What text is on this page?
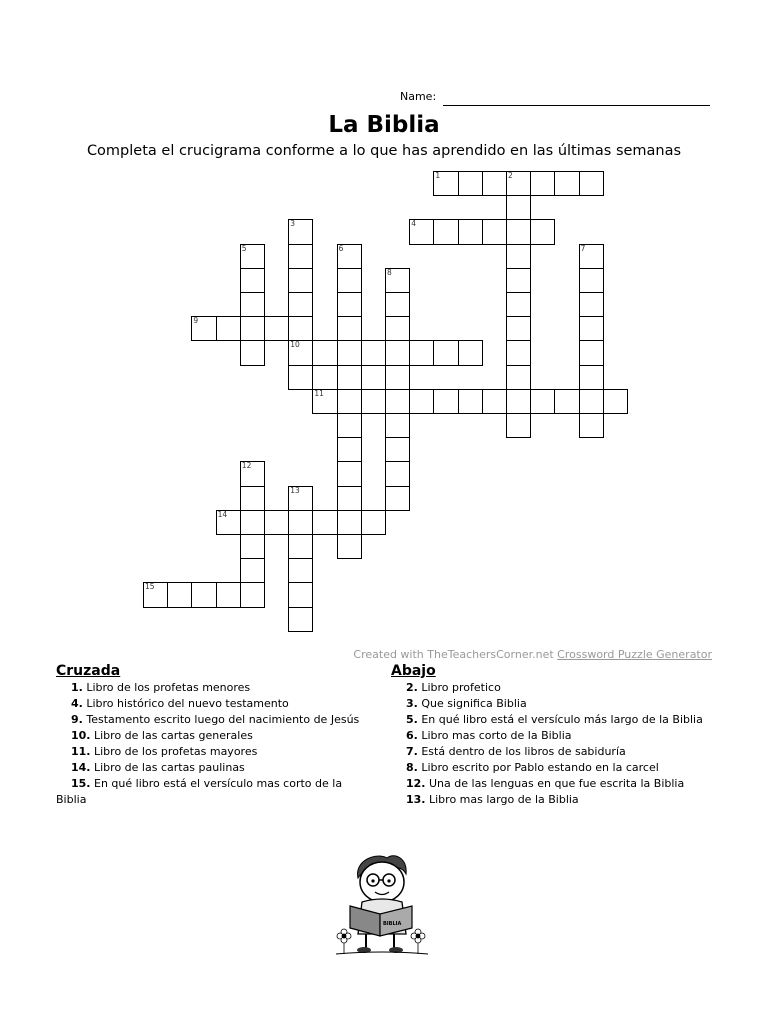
Name:
La Biblia
Completa el crucigrama conforme a lo que has aprendido en las últimas semanas
1	2
3	4
5	6	7
8
9
10
11
12
13
14
15
Created with TheTeachersCorner.net Crossword Puzzle Generator
Cruzada	Abajo
1. Libro de los profetas menores
4. Libro histórico del nuevo testamento
9. Testamento escrito luego del nacimiento de Jesús
10. Libro de las cartas generales
11. Libro de los profetas mayores
14. Libro de las cartas paulinas
15. En qué libro está el versículo mas corto de la Biblia
2. Libro profetico
3. Que significa Biblia
5. En qué libro está el versículo más largo de la Biblia
6. Libro mas corto de la Biblia
7. Está dentro de los libros de sabiduría
8. Libro escrito por Pablo estando en la carcel
12. Una de las lenguas en que fue escrita la Biblia
13. Libro mas largo de la Biblia
BIBLIA
